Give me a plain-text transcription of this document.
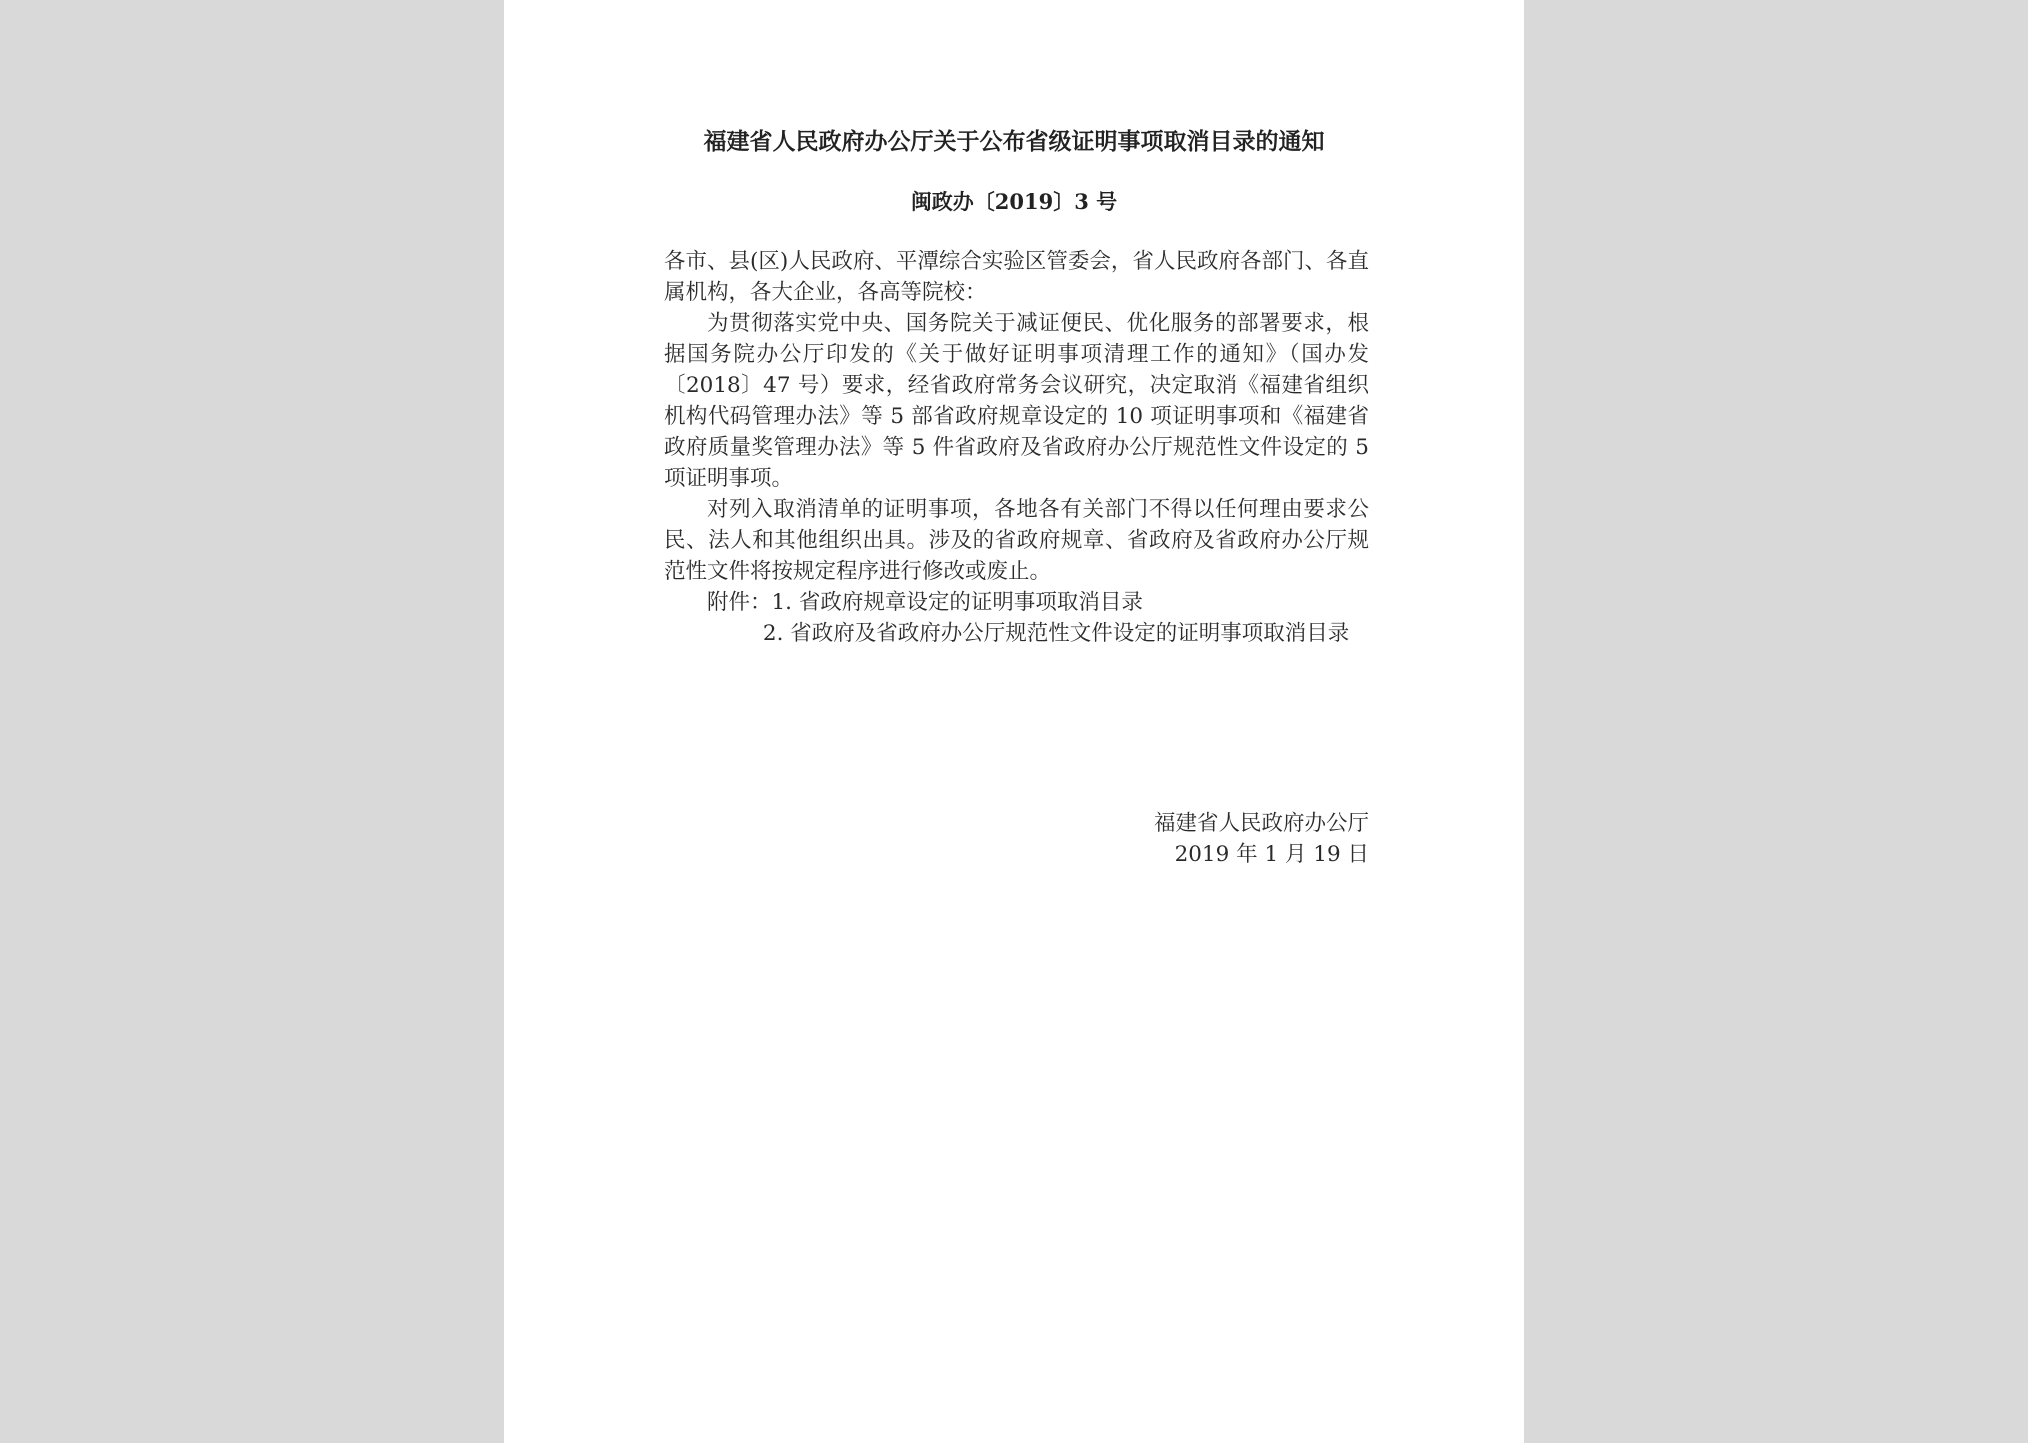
福建省人民政府办公厅关于公布省级证明事项取消目录的通知
闽政办〔2019〕3 号

各市、县(区)人民政府、平潭综合实验区管委会，省人民政府各部门、各直属机构，各大企业，各高等院校：

为贯彻落实党中央、国务院关于减证便民、优化服务的部署要求，根据国务院办公厅印发的《关于做好证明事项清理工作的通知》（国办发〔2018〕47 号）要求，经省政府常务会议研究，决定取消《福建省组织机构代码管理办法》等 5 部省政府规章设定的 10 项证明事项和《福建省政府质量奖管理办法》等 5 件省政府及省政府办公厅规范性文件设定的 5 项证明事项。

对列入取消清单的证明事项，各地各有关部门不得以任何理由要求公民、法人和其他组织出具。涉及的省政府规章、省政府及省政府办公厅规范性文件将按规定程序进行修改或废止。

附件：1. 省政府规章设定的证明事项取消目录

2. 省政府及省政府办公厅规范性文件设定的证明事项取消目录

福建省人民政府办公厅
2019 年 1 月 19 日
